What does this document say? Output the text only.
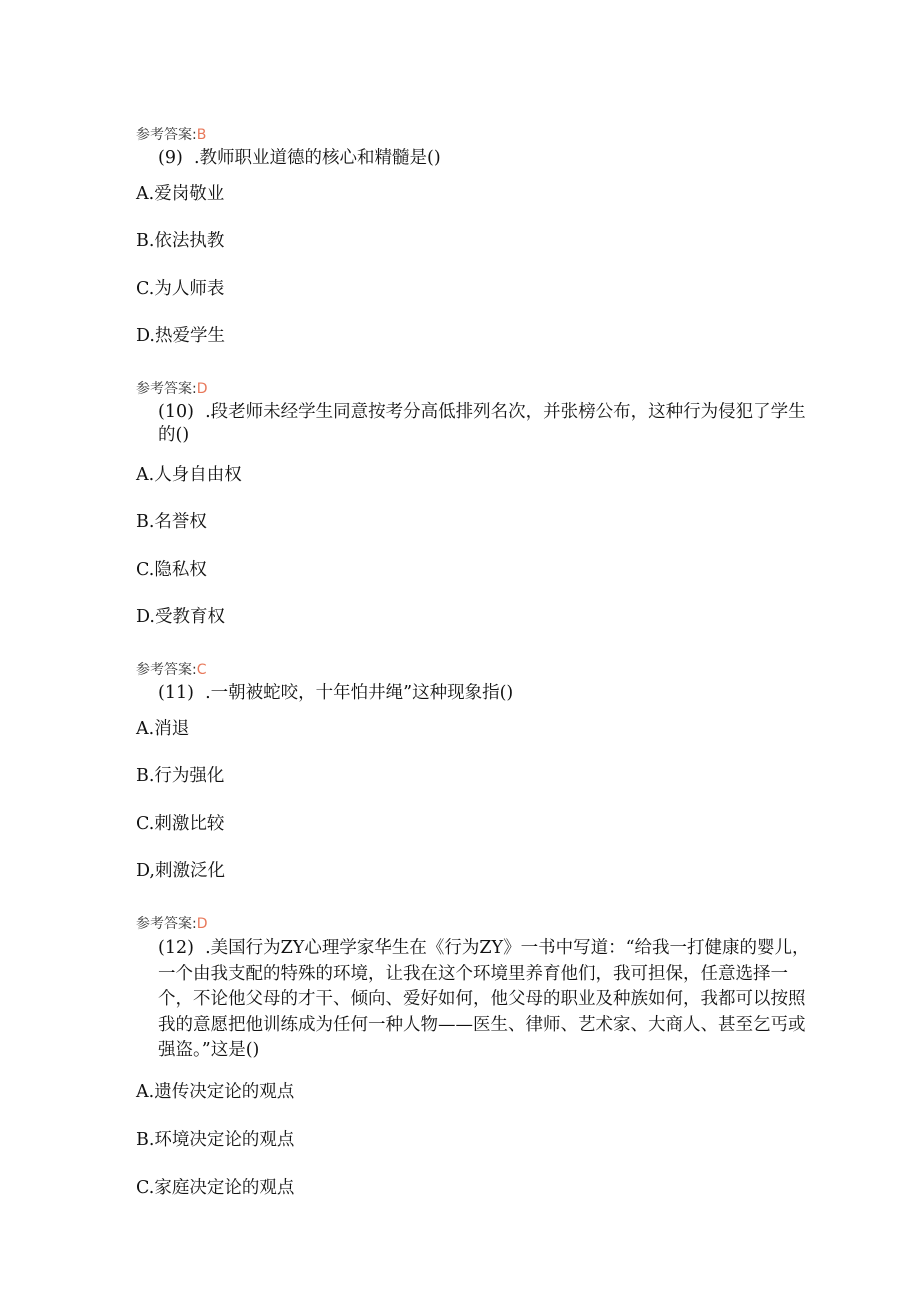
参考答案:B
(9) .教师职业道德的核心和精髓是()
A.爱岗敬业
B.依法执教
C.为人师表
D.热爱学生
参考答案:D
(10) .段老师未经学生同意按考分高低排列名次，并张榜公布，这种行为侵犯了学生的()
A.人身自由权
B.名誉权
C.隐私权
D.受教育权
参考答案:C
(11) .一朝被蛇咬，十年怕井绳”这种现象指()
A.消退
B.行为强化
C.刺激比较
D,刺激泛化
参考答案:D
(12) .美国行为ZY心理学家华生在《行为ZY》一书中写道：“给我一打健康的婴儿，一个由我支配的特殊的环境，让我在这个环境里养育他们，我可担保，任意选择一个，不论他父母的才干、倾向、爱好如何，他父母的职业及种族如何，我都可以按照我的意愿把他训练成为任何一种人物——医生、律师、艺术家、大商人、甚至乞丐或强盗。”这是()
A.遗传决定论的观点
B.环境决定论的观点
C.家庭决定论的观点
